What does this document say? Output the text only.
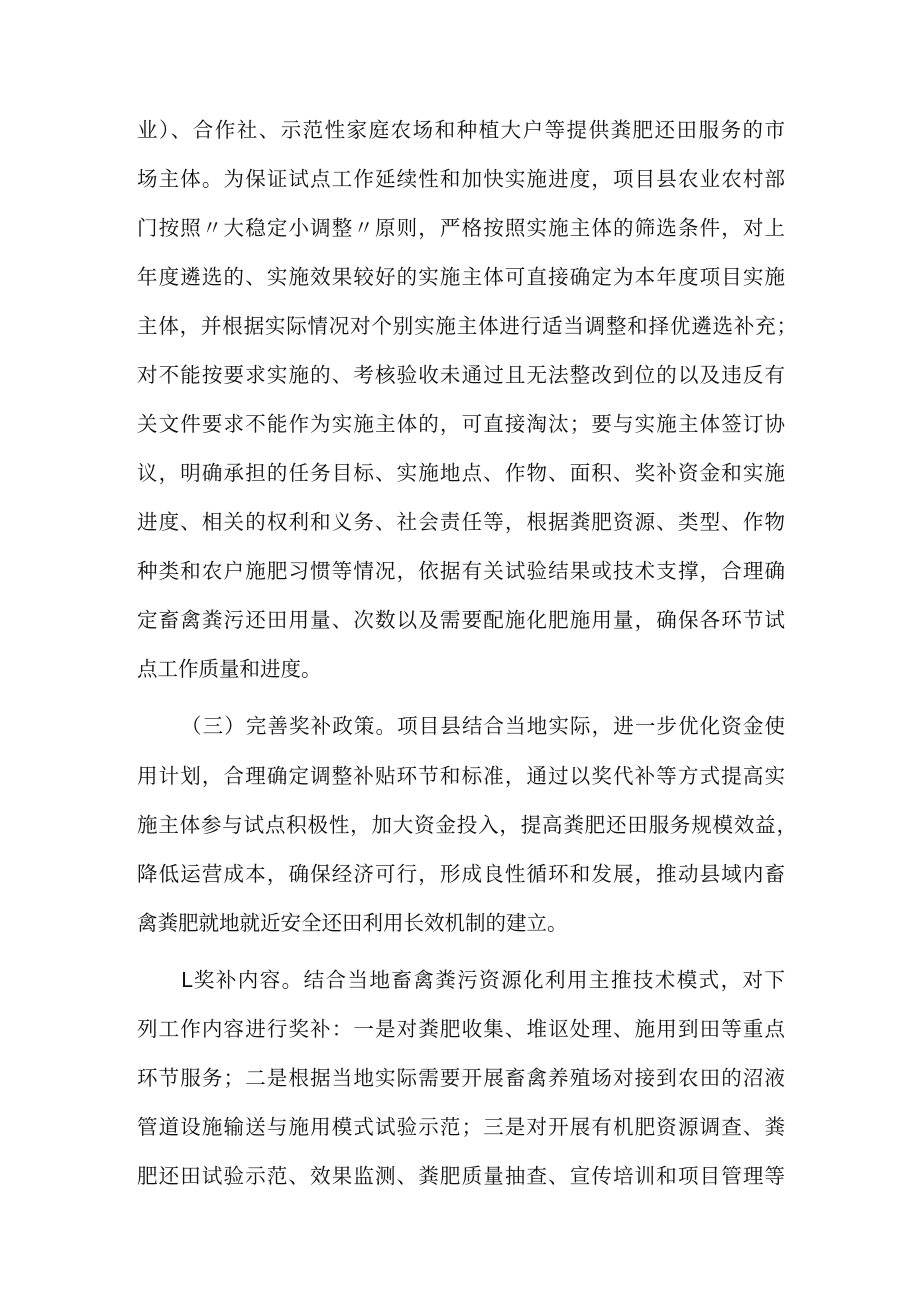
业）、合作社、示范性家庭农场和种植大户等提供粪肥还田服务的市
场主体。为保证试点工作延续性和加快实施进度，项目县农业农村部
门按照〃大稳定小调整〃原则，严格按照实施主体的筛选条件，对上
年度遴选的、实施效果较好的实施主体可直接确定为本年度项目实施
主体，并根据实际情况对个别实施主体进行适当调整和择优遴选补充；
对不能按要求实施的、考核验收未通过且无法整改到位的以及违反有
关文件要求不能作为实施主体的，可直接淘汰；要与实施主体签订协
议，明确承担的任务目标、实施地点、作物、面积、奖补资金和实施
进度、相关的权利和义务、社会责任等，根据粪肥资源、类型、作物
种类和农户施肥习惯等情况，依据有关试验结果或技术支撑，合理确
定畜禽粪污还田用量、次数以及需要配施化肥施用量，确保各环节试
点工作质量和进度。
（三）完善奖补政策。项目县结合当地实际，进一步优化资金使
用计划，合理确定调整补贴环节和标准，通过以奖代补等方式提高实
施主体参与试点积极性，加大资金投入，提高粪肥还田服务规模效益，
降低运营成本，确保经济可行，形成良性循环和发展，推动县域内畜
禽粪肥就地就近安全还田利用长效机制的建立。
L奖补内容。结合当地畜禽粪污资源化利用主推技术模式，对下
列工作内容进行奖补：一是对粪肥收集、堆讴处理、施用到田等重点
环节服务；二是根据当地实际需要开展畜禽养殖场对接到农田的沼液
管道设施输送与施用模式试验示范；三是对开展有机肥资源调查、粪
肥还田试验示范、效果监测、粪肥质量抽查、宣传培训和项目管理等
